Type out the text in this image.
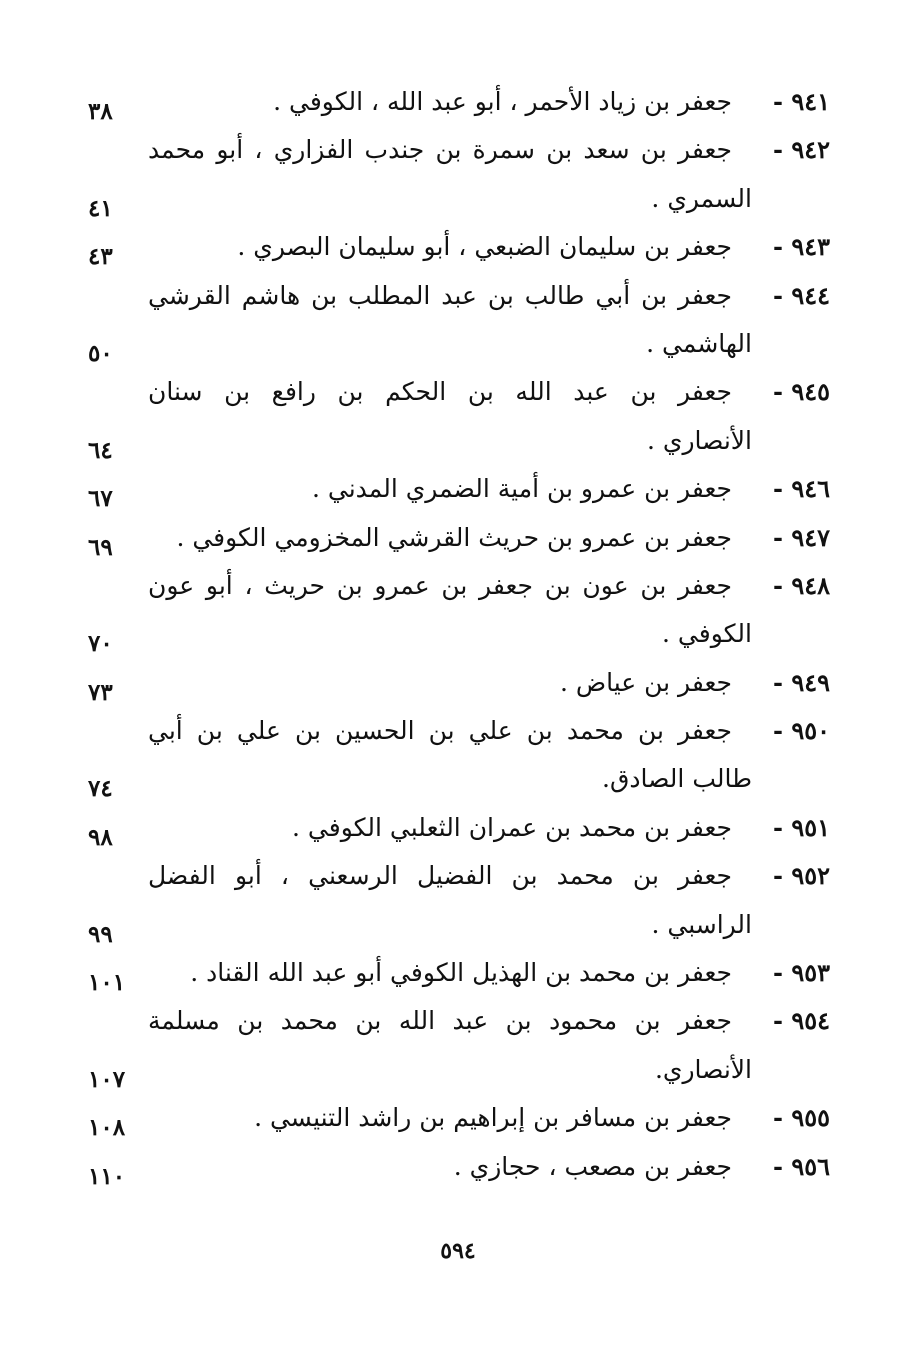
٩٤١ -
جعفر بن زياد الأحمر ، أبو عبد الله ، الكوفي .
٣٨
٩٤٢ -
جعفر بن سعد بن سمرة بن جندب الفزاري ، أبو محمد
السمري .
٤١
٩٤٣ -
جعفر بن سليمان الضبعي ، أبو سليمان البصري .
٤٣
٩٤٤ -
جعفر بن أبي طالب بن عبد المطلب بن هاشم القرشي
الهاشمي .
٥٠
٩٤٥ -
جعفر بن عبد الله بن الحكم بن رافع بن سنان
الأنصاري .
٦٤
٩٤٦ -
جعفر بن عمرو بن أمية الضمري المدني .
٦٧
٩٤٧ -
جعفر بن عمرو بن حريث القرشي المخزومي الكوفي .
٦٩
٩٤٨ -
جعفر بن عون بن جعفر بن عمرو بن حريث ، أبو عون
الكوفي .
٧٠
٩٤٩ -
جعفر بن عياض .
٧٣
٩٥٠ -
جعفر بن محمد بن علي بن الحسين بن علي بن أبي
طالب الصادق.
٧٤
٩٥١ -
جعفر بن محمد بن عمران الثعلبي الكوفي .
٩٨
٩٥٢ -
جعفر بن محمد بن الفضيل الرسعني ، أبو الفضل
الراسبي .
٩٩
٩٥٣ -
جعفر بن محمد بن الهذيل الكوفي أبو عبد الله القناد .
١٠١
٩٥٤ -
جعفر بن محمود بن عبد الله بن محمد بن مسلمة
الأنصاري.
١٠٧
٩٥٥ -
جعفر بن مسافر بن إبراهيم بن راشد التنيسي .
١٠٨
٩٥٦ -
جعفر بن مصعب ، حجازي .
١١٠
٥٩٤
